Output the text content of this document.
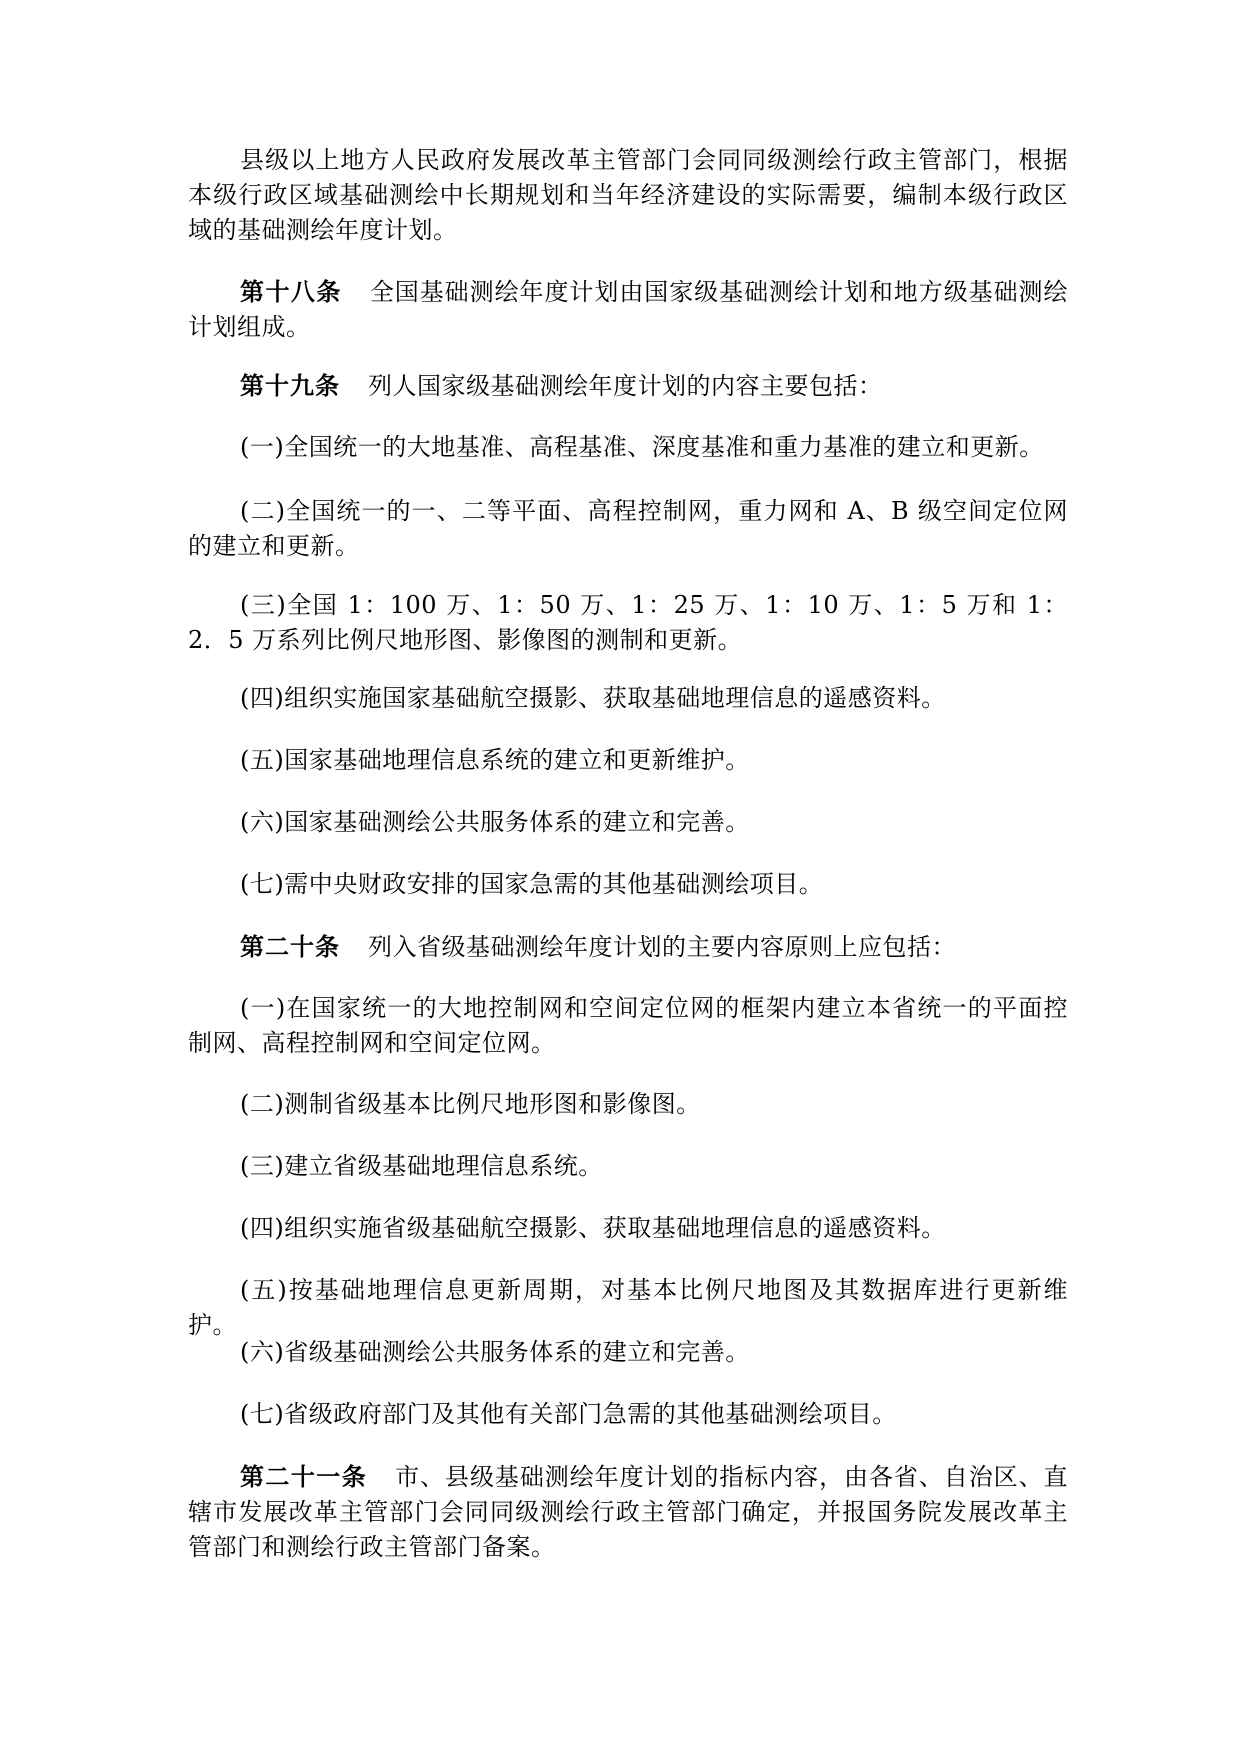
县级以上地方人民政府发展改革主管部门会同同级测绘行政主管部门，根据本级行政区域基础测绘中长期规划和当年经济建设的实际需要，编制本级行政区域的基础测绘年度计划。

第十八条 全国基础测绘年度计划由国家级基础测绘计划和地方级基础测绘计划组成。

第十九条 列人国家级基础测绘年度计划的内容主要包括：

(一)全国统一的大地基准、高程基准、深度基准和重力基准的建立和更新。

(二)全国统一的一、二等平面、高程控制网，重力网和 A、B 级空间定位网的建立和更新。

(三)全国 1：100 万、1：50 万、1：25 万、1：10 万、1：5 万和 1：2．5 万系列比例尺地形图、影像图的测制和更新。

(四)组织实施国家基础航空摄影、获取基础地理信息的遥感资料。

(五)国家基础地理信息系统的建立和更新维护。

(六)国家基础测绘公共服务体系的建立和完善。

(七)需中央财政安排的国家急需的其他基础测绘项目。

第二十条 列入省级基础测绘年度计划的主要内容原则上应包括：

(一)在国家统一的大地控制网和空间定位网的框架内建立本省统一的平面控制网、高程控制网和空间定位网。

(二)测制省级基本比例尺地形图和影像图。

(三)建立省级基础地理信息系统。

(四)组织实施省级基础航空摄影、获取基础地理信息的遥感资料。

(五)按基础地理信息更新周期，对基本比例尺地图及其数据库进行更新维护。

(六)省级基础测绘公共服务体系的建立和完善。

(七)省级政府部门及其他有关部门急需的其他基础测绘项目。

第二十一条 市、县级基础测绘年度计划的指标内容，由各省、自治区、直辖市发展改革主管部门会同同级测绘行政主管部门确定，并报国务院发展改革主管部门和测绘行政主管部门备案。
